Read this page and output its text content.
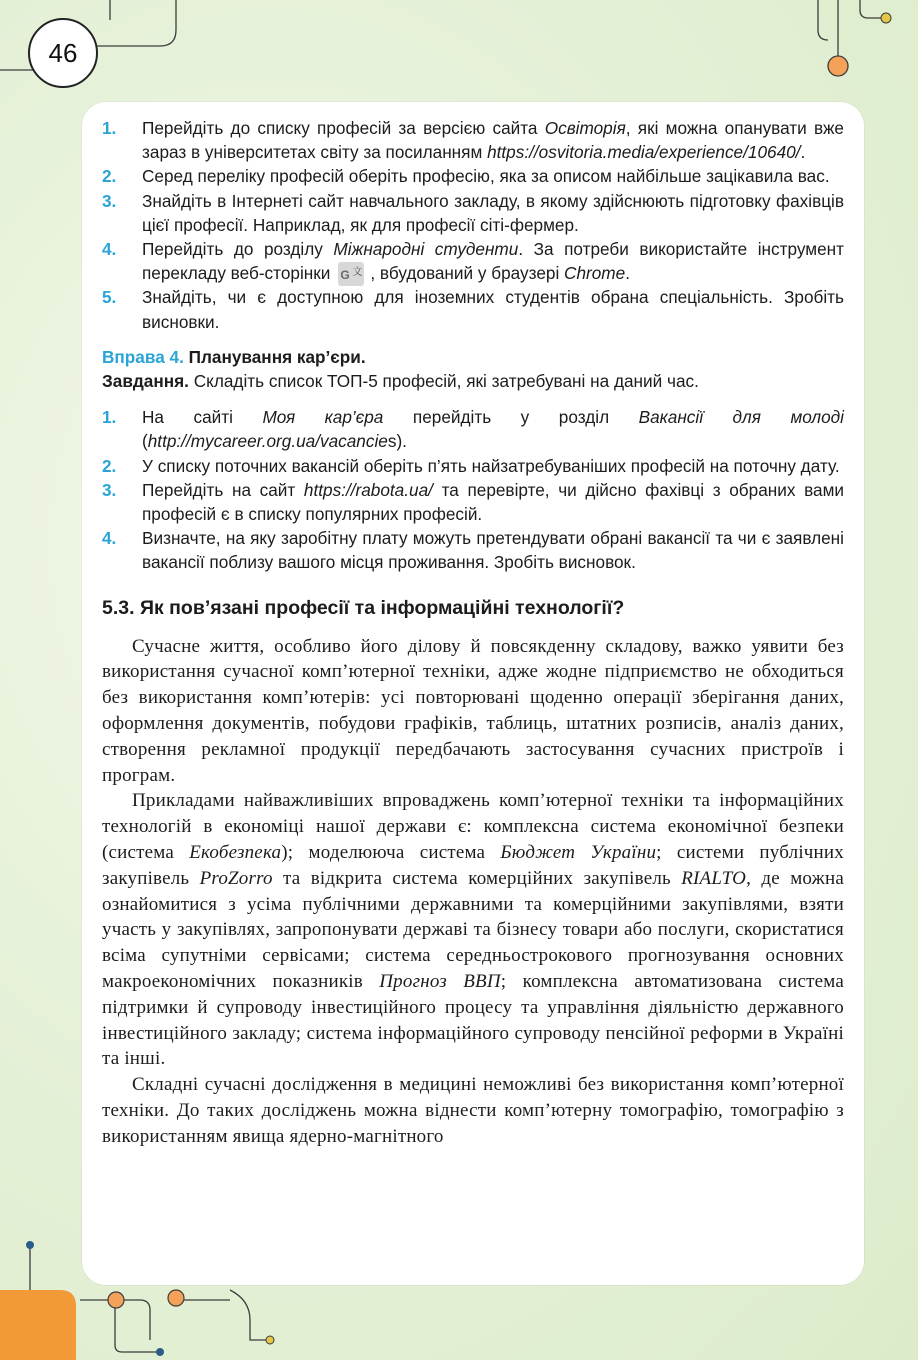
46
1. Перейдіть до списку професій за версією сайта Освіторія, які можна опанувати вже зараз в університетах світу за посиланням https://osvitoria.media/experience/10640/.
2. Серед переліку професій оберіть професію, яка за описом найбільше зацікавила вас.
3. Знайдіть в Інтернеті сайт навчального закладу, в якому здійснюють підготовку фахівців цієї професії. Наприклад, як для професії сіті-фермер.
4. Перейдіть до розділу Міжнародні студенти. За потреби використайте інструмент перекладу веб-сторінкиG 文 , вбудований у браузері Chrome.
5. Знайдіть, чи є доступною для іноземних студентів обрана спеціальність. Зробіть висновки.
Вправа 4. Планування кар’єри.
Завдання. Складіть список ТОП-5 професій, які затребувані на даний час.
1. На сайті Моя кар’єра перейдіть у розділ Вакансії для молоді (http://mycareer.org.ua/vacancies).
2. У списку поточних вакансій оберіть п’ять найзатребуваніших професій на поточну дату.
3. Перейдіть на сайт https://rabota.ua/ та перевірте, чи дійсно фахівці з обраних вами професій є в списку популярних професій.
4. Визначте, на яку заробітну плату можуть претендувати обрані вакансії та чи є заявлені вакансії поблизу вашого місця проживання. Зробіть висновок.
5.3. Як пов’язані професії та інформаційні технології?

Сучасне життя, особливо його ділову й повсякденну складову, важко уявити без використання сучасної комп’ютерної техніки, адже жодне підприємство не обходиться без використання комп’ютерів: усі повторювані щоденно операції зберігання даних, оформлення документів, побудови графіків, таблиць, штатних розписів, аналіз даних, створення рекламної продукції передбачають застосування сучасних пристроїв і програм.

Прикладами найважливіших впроваджень комп’ютерної техніки та інформаційних технологій в економіці нашої держави є: комплексна система економічної безпеки (система Екобезпека); моделююча система Бюджет України; системи публічних закупівель ProZorro та відкрита система комерційних закупівель RIALTO, де можна ознайомитися з усіма публічними державними та комерційними закупівлями, взяти участь у закупівлях, запропонувати державі та бізнесу товари або послуги, скористатися всіма супутніми сервісами; система середньострокового прогнозування основних макроекономічних показників Прогноз ВВП; комплексна автоматизована система підтримки й супроводу інвестиційного процесу та управління діяльністю державного інвестиційного закладу; система інформаційного супроводу пенсійної реформи в Україні та інші.

Складні сучасні дослідження в медицині неможливі без використання комп’ютерної техніки. До таких досліджень можна віднести комп’ютерну томографію, томографію з використанням явища ядерно-магнітного
